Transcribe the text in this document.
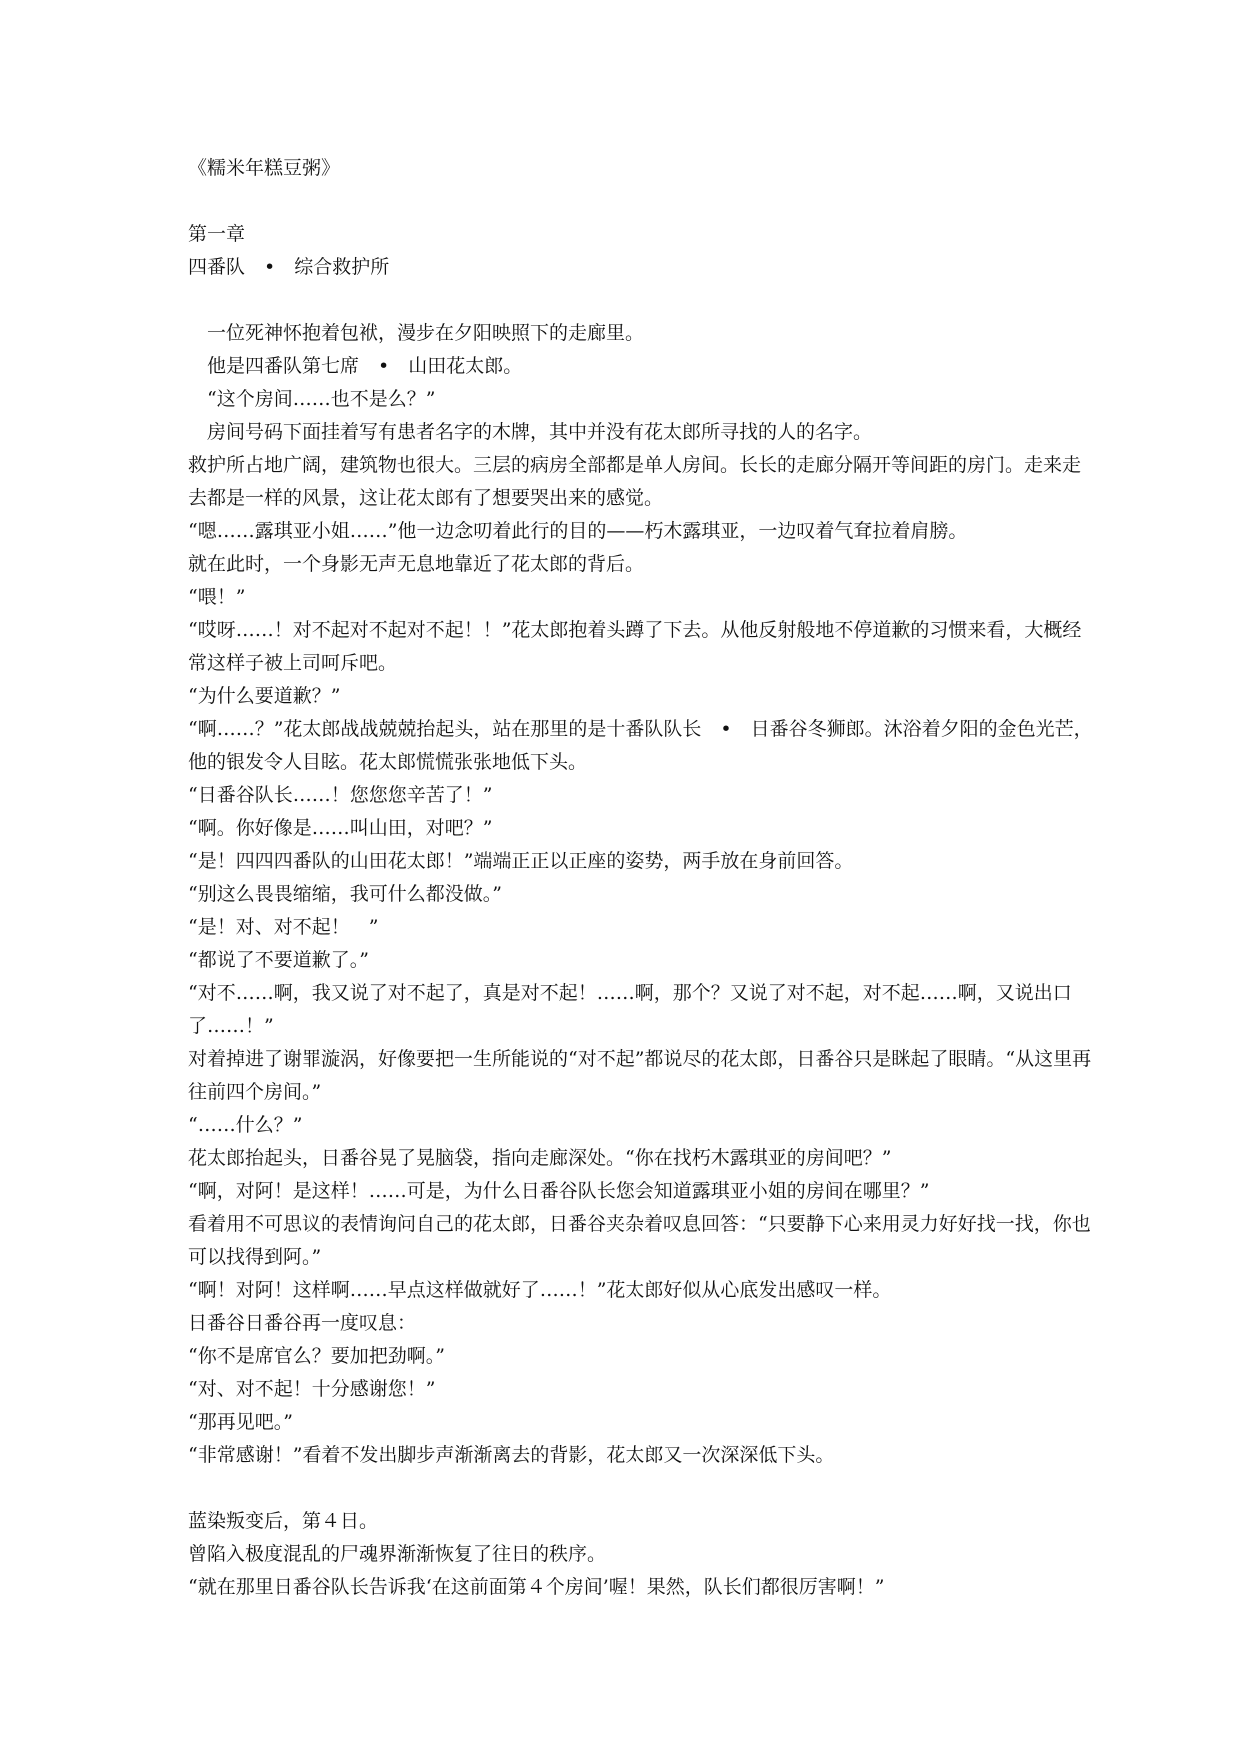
《糯米年糕豆粥》
第一章
四番队　•　综合救护所
　一位死神怀抱着包袱，漫步在夕阳映照下的走廊里。
　他是四番队第七席　•　山田花太郎。
　“这个房间……也不是么？”
　房间号码下面挂着写有患者名字的木牌，其中并没有花太郎所寻找的人的名字。
救护所占地广阔，建筑物也很大。三层的病房全部都是单人房间。长长的走廊分隔开等间距的房门。走来走去都是一样的风景，这让花太郎有了想要哭出来的感觉。
“嗯……露琪亚小姐……”他一边念叨着此行的目的——朽木露琪亚，一边叹着气耷拉着肩膀。
就在此时，一个身影无声无息地靠近了花太郎的背后。
“喂！”
“哎呀……！对不起对不起对不起！！”花太郎抱着头蹲了下去。从他反射般地不停道歉的习惯来看，大概经常这样子被上司呵斥吧。
“为什么要道歉？”
“啊……？”花太郎战战兢兢抬起头，站在那里的是十番队队长　•　日番谷冬狮郎。沐浴着夕阳的金色光芒，他的银发令人目眩。花太郎慌慌张张地低下头。
“日番谷队长……！您您您辛苦了！”
“啊。你好像是……叫山田，对吧？”
“是！四四四番队的山田花太郎！”端端正正以正座的姿势，两手放在身前回答。
“别这么畏畏缩缩，我可什么都没做。”
“是！对、对不起！　”
“都说了不要道歉了。”
“对不……啊，我又说了对不起了，真是对不起！……啊，那个？又说了对不起，对不起……啊，又说出口了……！”
对着掉进了谢罪漩涡，好像要把一生所能说的“对不起”都说尽的花太郎，日番谷只是眯起了眼睛。“从这里再往前四个房间。”
“……什么？”
花太郎抬起头，日番谷晃了晃脑袋，指向走廊深处。“你在找朽木露琪亚的房间吧？”
“啊，对阿！是这样！……可是，为什么日番谷队长您会知道露琪亚小姐的房间在哪里？”
看着用不可思议的表情询问自己的花太郎，日番谷夹杂着叹息回答：“只要静下心来用灵力好好找一找，你也可以找得到阿。”
“啊！对阿！这样啊……早点这样做就好了……！”花太郎好似从心底发出感叹一样。
日番谷日番谷再一度叹息：
“你不是席官么？要加把劲啊。”
“对、对不起！十分感谢您！”
“那再见吧。”
“非常感谢！”看着不发出脚步声渐渐离去的背影，花太郎又一次深深低下头。
蓝染叛变后，第４日。
曾陷入极度混乱的尸魂界渐渐恢复了往日的秩序。
“就在那里日番谷队长告诉我‘在这前面第４个房间’喔！果然，队长们都很厉害啊！”
